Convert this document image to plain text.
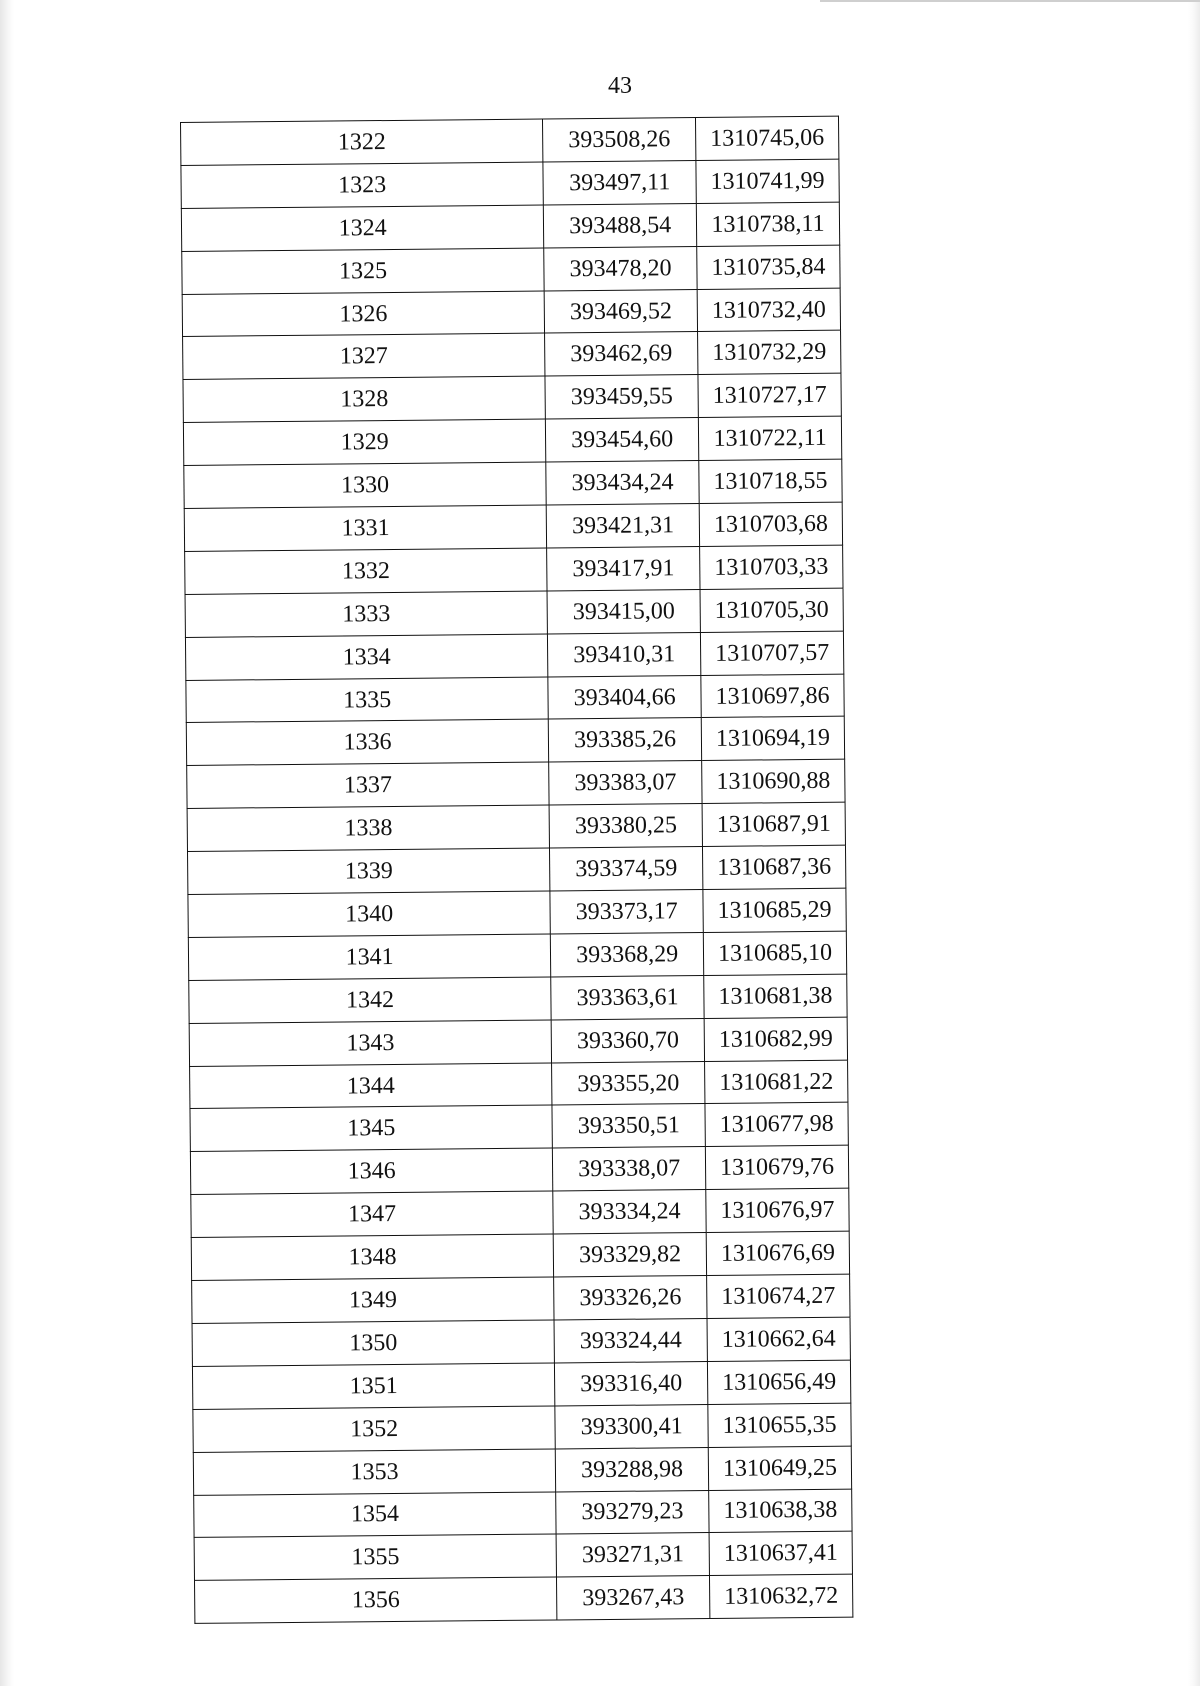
43
1322	393508,26	1310745,06
1323	393497,11	1310741,99
1324	393488,54	1310738,11
1325	393478,20	1310735,84
1326	393469,52	1310732,40
1327	393462,69	1310732,29
1328	393459,55	1310727,17
1329	393454,60	1310722,11
1330	393434,24	1310718,55
1331	393421,31	1310703,68
1332	393417,91	1310703,33
1333	393415,00	1310705,30
1334	393410,31	1310707,57
1335	393404,66	1310697,86
1336	393385,26	1310694,19
1337	393383,07	1310690,88
1338	393380,25	1310687,91
1339	393374,59	1310687,36
1340	393373,17	1310685,29
1341	393368,29	1310685,10
1342	393363,61	1310681,38
1343	393360,70	1310682,99
1344	393355,20	1310681,22
1345	393350,51	1310677,98
1346	393338,07	1310679,76
1347	393334,24	1310676,97
1348	393329,82	1310676,69
1349	393326,26	1310674,27
1350	393324,44	1310662,64
1351	393316,40	1310656,49
1352	393300,41	1310655,35
1353	393288,98	1310649,25
1354	393279,23	1310638,38
1355	393271,31	1310637,41
1356	393267,43	1310632,72
